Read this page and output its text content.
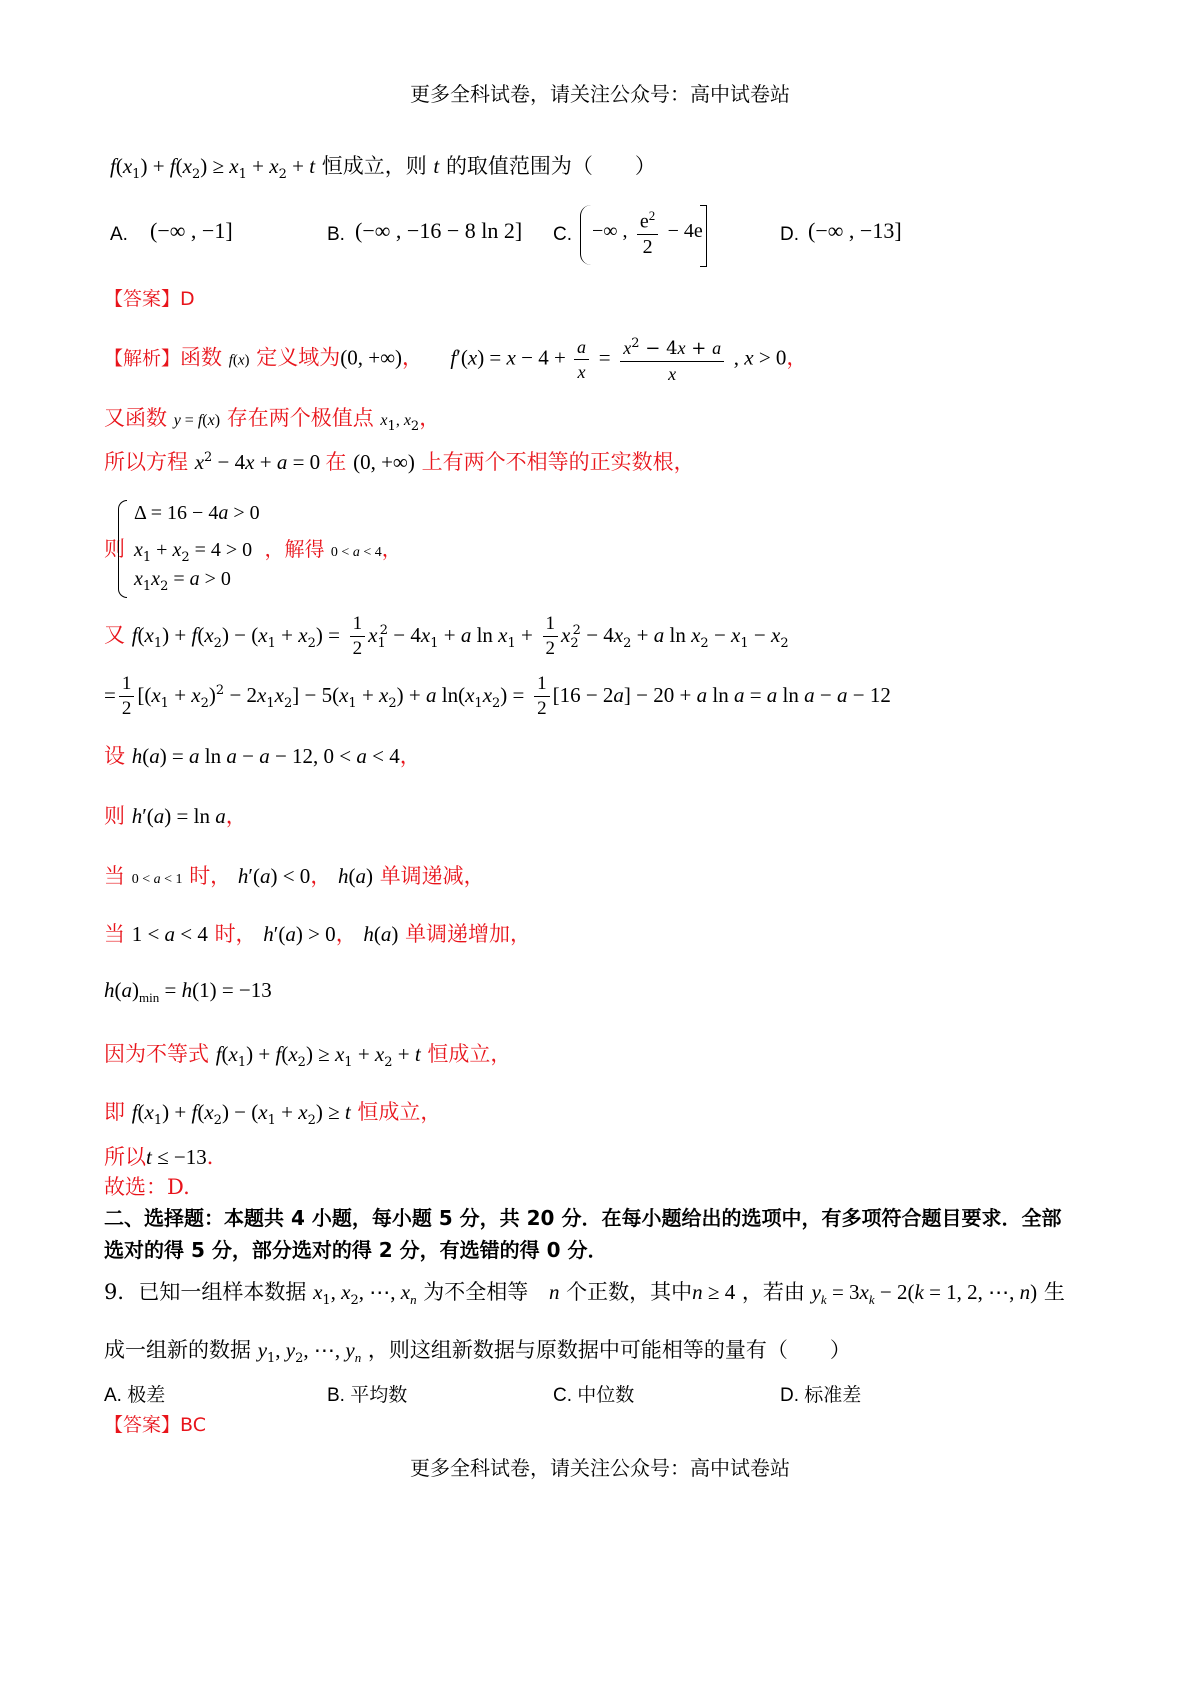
更多全科试卷，请关注公众号：高中试卷站
$f(x_1) + f(x_2) \ge x_1 + x_2 + t$ 恒成立，则 t 的取值范围为（　　）
A. (−∞ , −1]	B. (−∞ , −16 − 8 ln 2] C. −∞ , $\frac{e^2}{2} - 4e$	D. (−∞ , −13]
【答案】D
【解析】函数 f(x) 定义域为(0, +∞)， $f'(x) = x - 4 + \frac{a}{x} = \frac{x^2 - 4x + a}{x}$ , x > 0，
又函数 y = f(x) 存在两个极值点 $x_1$, $x_2$，
所以方程 $x^2 - 4x + a = 0$ 在 (0, +∞) 上有两个不相等的正实数根，
则
Δ = 16 − 4a > 0
$x_1 + x_2 = 4 > 0$ ，解得 0 < a < 4，
$x_1x_2 = a > 0$
又 $f(x_1) + f(x_2) - (x_1 + x_2) = \frac{1}{2} x_1^2 - 4x_1 + a$ $\ln x_1 + \frac{1}{2} x_2^2 - 4x_2 + a$ $\ln x_2 - x_1 - x_2$
= $\frac{1}{2} [(x_1 + x_2)^2 - 2x_1x_2] - 5(x_1 + x_2) + a$ $\ln(x_1x_2) = \frac{1}{2} [16 - 2a] - 20 + a$ ln a = a ln a − a − 12
设 h(a) = a ln a − a − 12, 0 < a < 4，
则 h′(a) = ln a，
当 0 < a < 1 时， h′(a) < 0， h(a) 单调递减，
当 1 < a < 4 时， h′(a) > 0， h(a) 单调递增加，
$h(a)_{min} = h(1) = -13$
因为不等式 $f(x_1) + f(x_2) \ge x_1 + x_2 + t$ 恒成立，
即 $f(x_1) + f(x_2) - (x_1 + x_2) \ge t$ 恒成立，
所以t ≤ −13．
故选：D.
二、选择题：本题共 4 小题，每小题 5 分，共 20 分．在每小题给出的选项中，有多项符合题目要求．全部
选对的得 5 分，部分选对的得 2 分，有选错的得 0 分．
9．已知一组样本数据 $x_1$, $x_2$, ⋯, $x_n$ 为不全相等 n 个正数，其中n ≥ 4 ，若由 $y_k = 3x_k - 2(k = 1$, 2, ⋯, n) 生
成一组新的数据 $y_1$, $y_2$, ⋯, $y_n$ ，则这组新数据与原数据中可能相等的量有（　　）
A. 极差	B. 平均数	C. 中位数	D. 标准差
【答案】BC
更多全科试卷，请关注公众号：高中试卷站
